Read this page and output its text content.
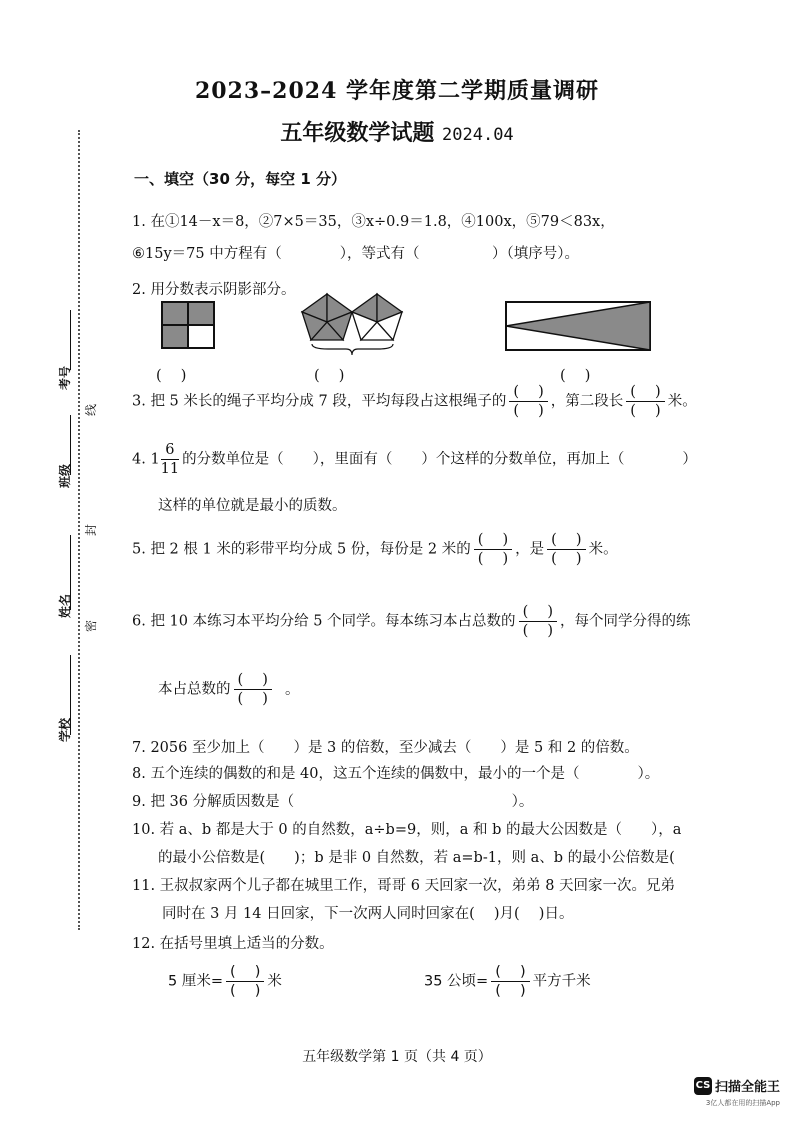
2023–2024 学年度第二学期质量调研
五年级数学试题 2024.04
学校
姓名
班级
考号
密
封
线
一、填空（30 分，每空 1 分）
1. 在①14－x＝8，②7×5＝35，③x÷0.9＝1.8，④100x，⑤79＜83x，
⑥15y＝75 中方程有（　　　　），等式有（　　　　　）（填序号）。
2. 用分数表示阴影部分。
(　 )	(　 )	(　 )
3. 把 5 米长的绳子平均分成 7 段，平均每段占这根绳子的 $\frac{( )}{( )}$ ，第二段长 $\frac{( )}{( )}$ 米。
4. $1 \frac{6}{11}$ 的分数单位是（　　），里面有（　　）个这样的分数单位，再加上（　　　　）
这样的单位就是最小的质数。
5. 把 2 根 1 米的彩带平均分成 5 份，每份是 2 米的 $\frac{( )}{( )}$ ，是 $\frac{( )}{( )}$ 米。
6. 把 10 本练习本平均分给 5 个同学。每本练习本占总数的 $\frac{( )}{( )}$ ，每个同学分得的练
本占总数的 $\frac{( )}{( )}$ 。
7. 2056 至少加上（　　）是 3 的倍数，至少减去（　　）是 5 和 2 的倍数。
8. 五个连续的偶数的和是 40，这五个连续的偶数中，最小的一个是（　　　　）。
9. 把 36 分解质因数是（　　　　　　　　　　　　　　　）。
10. 若 a、b 都是大于 0 的自然数，a÷b=9，则，a 和 b 的最大公因数是（　　），a
的最小公倍数是(　　)；b 是非 0 自然数，若 a=b-1，则 a、b 的最小公倍数是(
11. 王叔叔家两个儿子都在城里工作，哥哥 6 天回家一次，弟弟 8 天回家一次。兄弟
同时在 3 月 14 日回家，下一次两人同时回家在(　 )月(　 )日。
12. 在括号里填上适当的分数。
5 厘米= $\frac{( )}{( )}$ 米	35 公顷= $\frac{( )}{( )}$ 平方千米
五年级数学第 1 页（共 4 页）
CS 扫描全能王
3亿人都在用的扫描App
